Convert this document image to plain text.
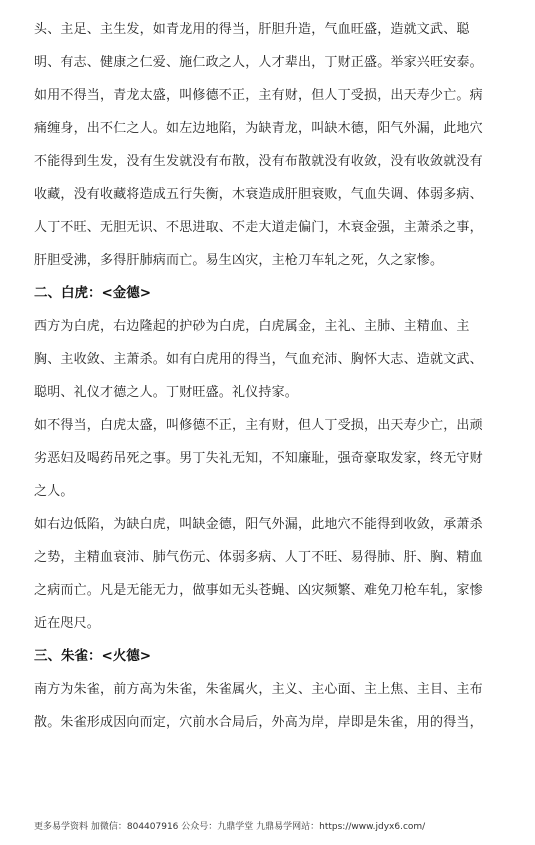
头、主足、主生发，如青龙用的得当，肝胆升造，气血旺盛，造就文武、聪
明、有志、健康之仁爱、施仁政之人，人才辈出，丁财正盛。举家兴旺安泰。
如用不得当，青龙太盛，叫修德不正，主有财，但人丁受损，出天寿少亡。病
痛缠身，出不仁之人。如左边地陷，为缺青龙，叫缺木德，阳气外漏，此地穴
不能得到生发，没有生发就没有布散，没有布散就没有收敛，没有收敛就没有
收藏，没有收藏将造成五行失衡，木衰造成肝胆衰败，气血失调、体弱多病、
人丁不旺、无胆无识、不思进取、不走大道走偏门，木衰金强，主萧杀之事，
肝胆受沸，多得肝肺病而亡。易生凶灾，主枪刀车轧之死，久之家惨。
二、白虎：<金德>
西方为白虎，右边隆起的护砂为白虎，白虎属金，主礼、主肺、主精血、主
胸、主收敛、主萧杀。如有白虎用的得当，气血充沛、胸怀大志、造就文武、
聪明、礼仪才德之人。丁财旺盛。礼仪持家。
如不得当，白虎太盛，叫修德不正，主有财，但人丁受损，出天寿少亡，出顽
劣恶妇及喝药吊死之事。男丁失礼无知，不知廉耻，强奇豪取发家，终无守财
之人。
如右边低陷，为缺白虎，叫缺金德，阳气外漏，此地穴不能得到收敛，承萧杀
之势，主精血衰沛、肺气伤元、体弱多病、人丁不旺、易得肺、肝、胸、精血
之病而亡。凡是无能无力，做事如无头苍蝇、凶灾频繁、难免刀枪车轧，家惨
近在咫尺。
三、朱雀：<火德>
南方为朱雀，前方高为朱雀，朱雀属火，主义、主心面、主上焦、主目、主布
散。朱雀形成因向而定，穴前水合局后，外高为岸，岸即是朱雀，用的得当，
更多易学资料 加微信：804407916 公众号：九鼎学堂 九鼎易学网站：https://www.jdyx6.com/
